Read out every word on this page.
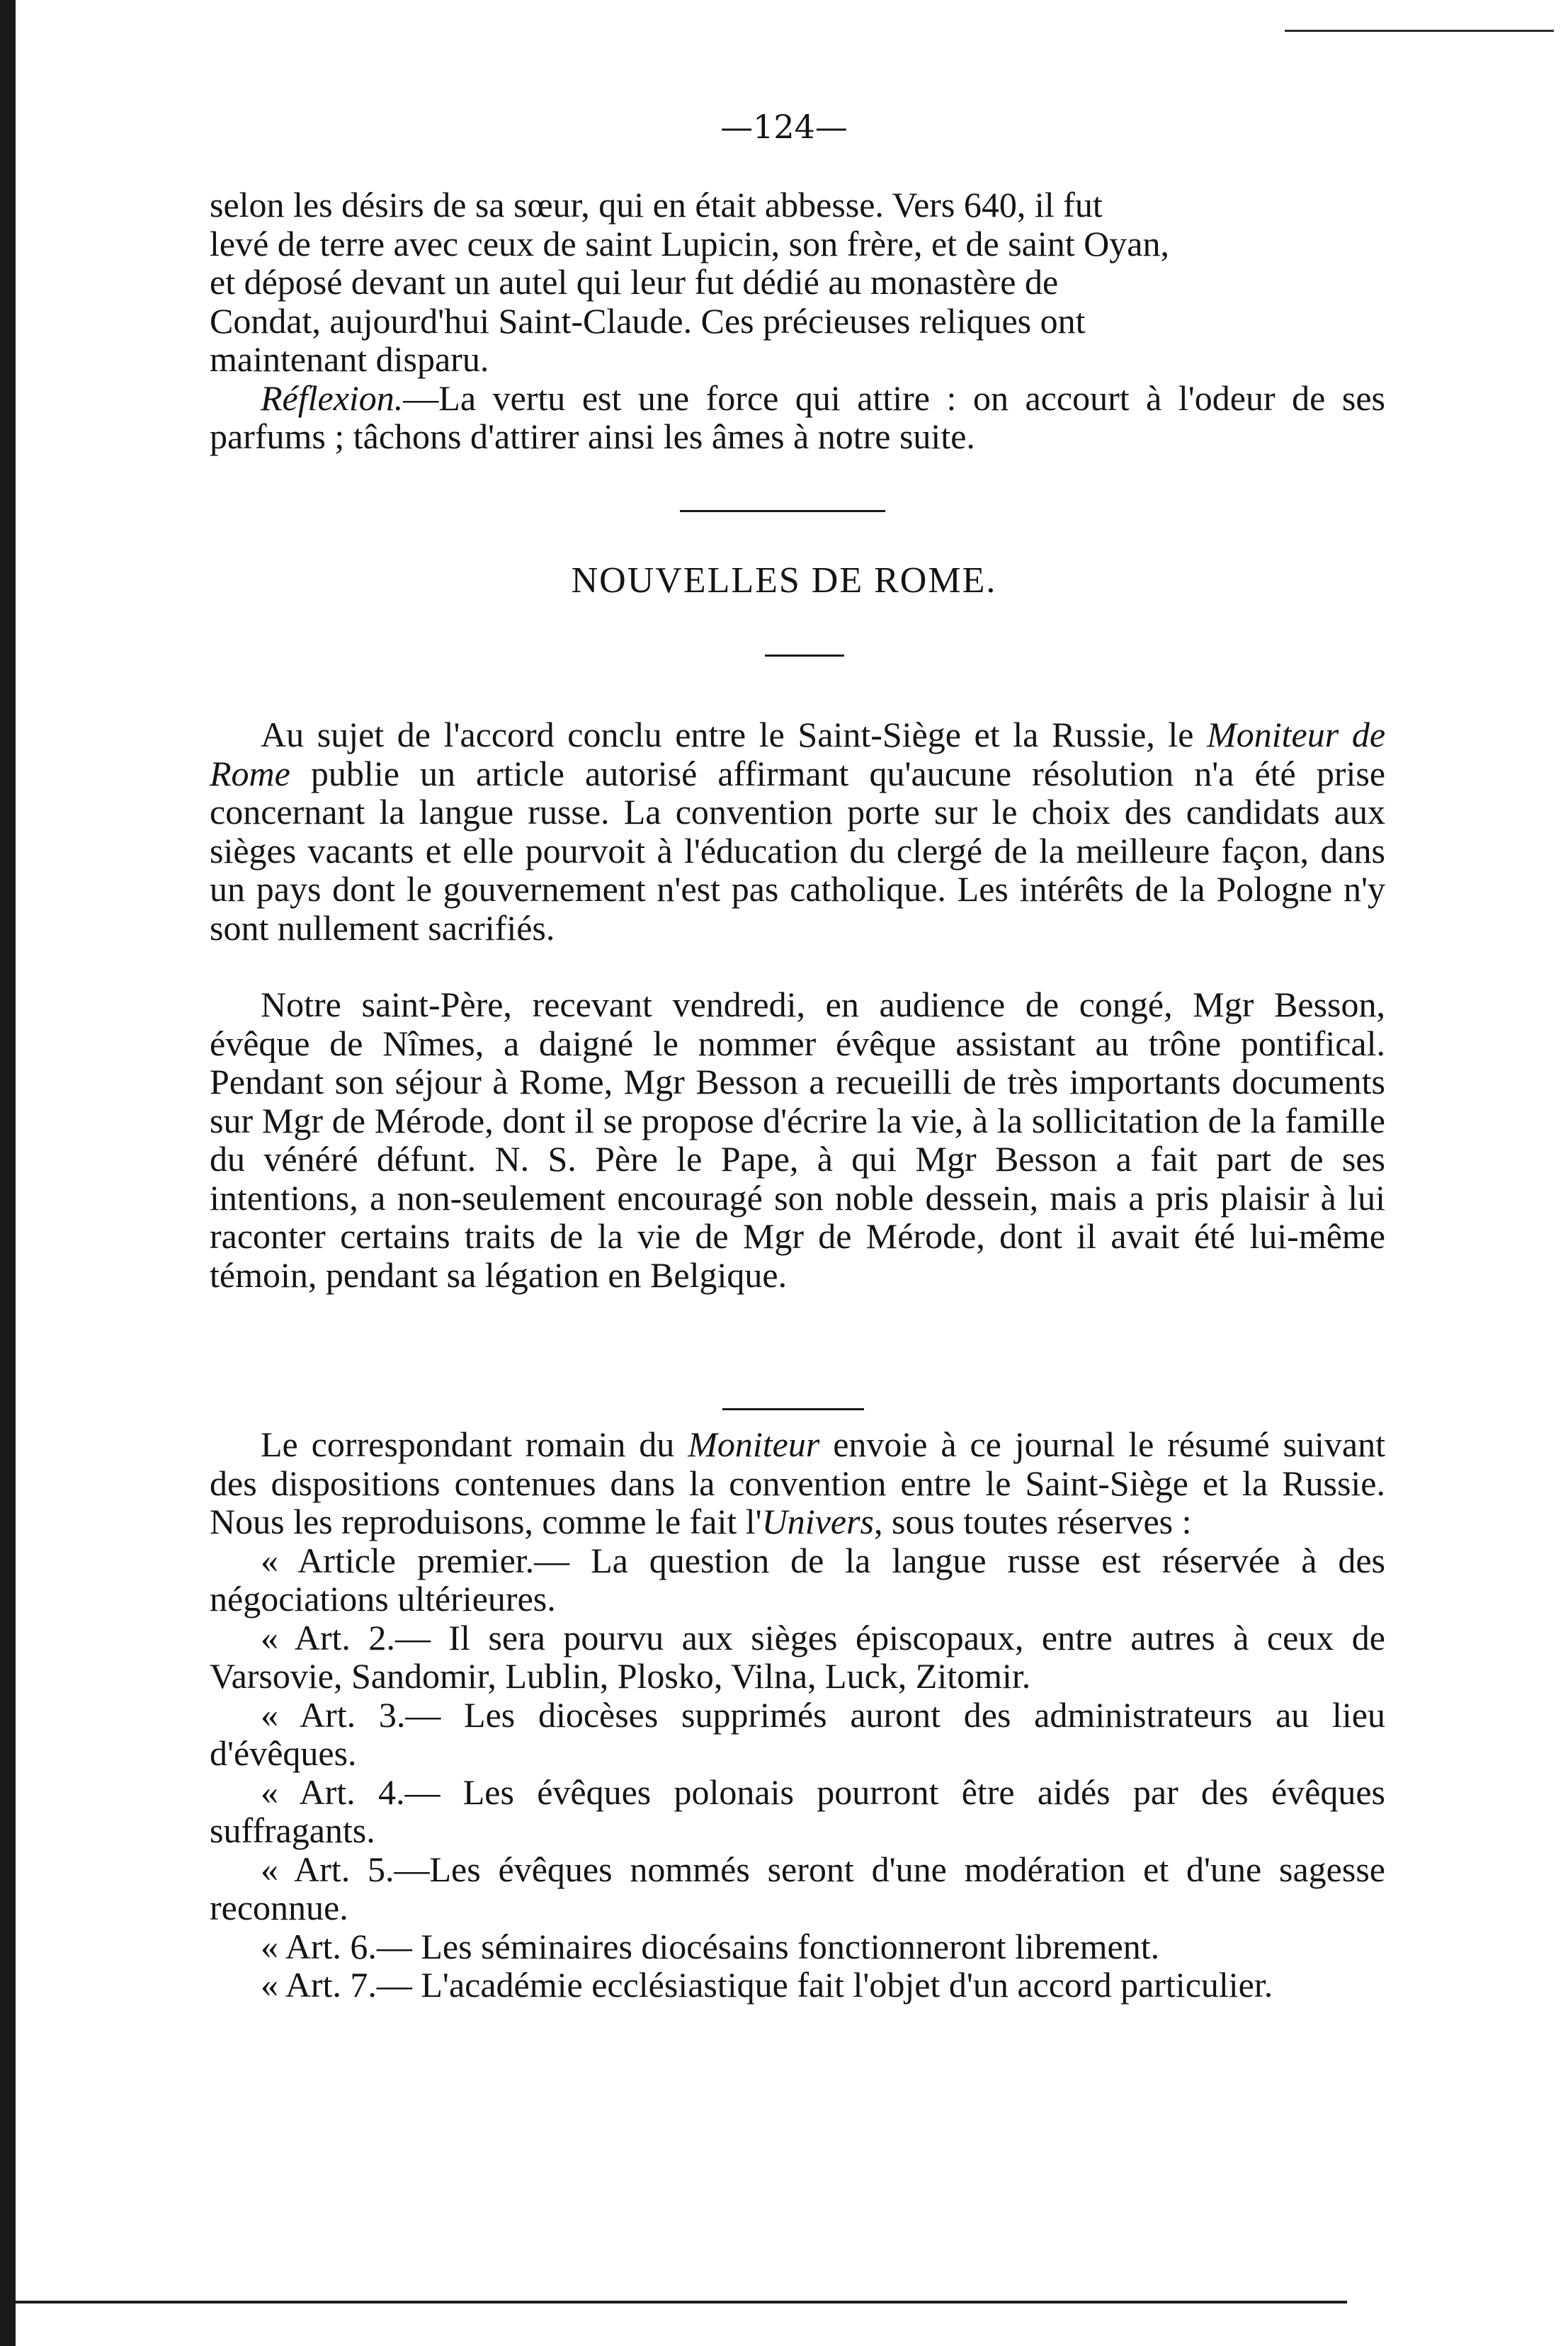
—124—

selon les désirs de sa sœur, qui en était abbesse. Vers 640, il fut

levé de terre avec ceux de saint Lupicin, son frère, et de saint Oyan,

et déposé devant un autel qui leur fut dédié au monastère de

Condat, aujourd'hui Saint-Claude. Ces précieuses reliques ont

maintenant disparu.

Réflexion.—La vertu est une force qui attire : on accourt à l'odeur de ses parfums ; tâchons d'attirer ainsi les âmes à notre suite.

NOUVELLES DE ROME.

Au sujet de l'accord conclu entre le Saint-Siège et la Russie, le Moniteur de Rome publie un article autorisé affirmant qu'aucune résolution n'a été prise concernant la langue russe. La convention porte sur le choix des candidats aux sièges vacants et elle pourvoit à l'éducation du clergé de la meilleure façon, dans un pays dont le gouvernement n'est pas catholique. Les intérêts de la Pologne n'y sont nullement sacrifiés.

Notre saint-Père, recevant vendredi, en audience de congé, Mgr Besson, évêque de Nîmes, a daigné le nommer évêque assistant au trône pontifical. Pendant son séjour à Rome, Mgr Besson a recueilli de très importants documents sur Mgr de Mérode, dont il se propose d'écrire la vie, à la sollicitation de la famille du vénéré défunt. N. S. Père le Pape, à qui Mgr Besson a fait part de ses intentions, a non-seulement encouragé son noble dessein, mais a pris plaisir à lui raconter certains traits de la vie de Mgr de Mérode, dont il avait été lui-même témoin, pendant sa légation en Belgique.

Le correspondant romain du Moniteur envoie à ce journal le résumé suivant des dispositions contenues dans la convention entre le Saint-Siège et la Russie. Nous les reproduisons, comme le fait l'Univers, sous toutes réserves :

« Article premier.— La question de la langue russe est réservée à des négociations ultérieures.

« Art. 2.— Il sera pourvu aux sièges épiscopaux, entre autres à ceux de Varsovie, Sandomir, Lublin, Plosko, Vilna, Luck, Zitomir.

« Art. 3.— Les diocèses supprimés auront des administrateurs au lieu d'évêques.

« Art. 4.— Les évêques polonais pourront être aidés par des évêques suffragants.

« Art. 5.—Les évêques nommés seront d'une modération et d'une sagesse reconnue.

« Art. 6.— Les séminaires diocésains fonctionneront librement.

« Art. 7.— L'académie ecclésiastique fait l'objet d'un accord particulier.
